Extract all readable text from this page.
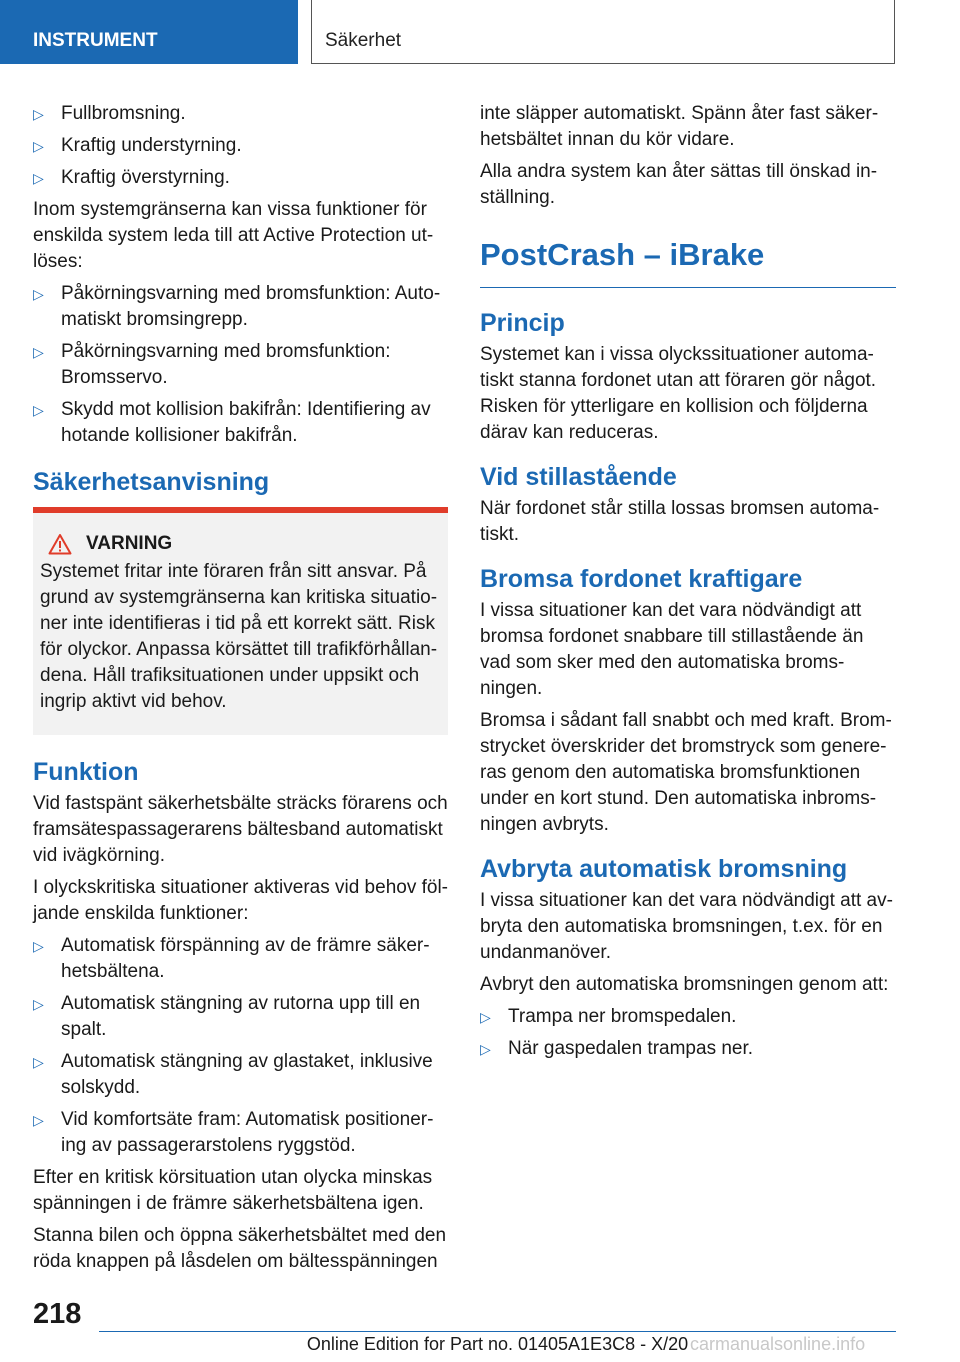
INSTRUMENT	Säkerhet
▷ Fullbromsning.
▷ Kraftig understyrning.
▷ Kraftig överstyrning.

Inom systemgränserna kan vissa funktioner för enskilda system leda till att Active Protection ut-löses:

▷ Påkörningsvarning med bromsfunktion: Auto-matiskt bromsingrepp.
▷ Påkörningsvarning med bromsfunktion: Bromsservo.
▷ Skydd mot kollision bakifrån: Identifiering av hotande kollisioner bakifrån.
Säkerhetsanvisning
VARNING

Systemet fritar inte föraren från sitt ansvar. På grund av systemgränserna kan kritiska situatio-ner inte identifieras i tid på ett korrekt sätt. Risk för olyckor. Anpassa körsättet till trafikförhållan-dena. Håll trafiksituationen under uppsikt och ingrip aktivt vid behov.

Funktion

Vid fastspänt säkerhetsbälte sträcks förarens och framsätespassagerarens bältesband automatiskt vid ivägkörning.

I olyckskritiska situationer aktiveras vid behov föl-jande enskilda funktioner:

▷ Automatisk förspänning av de främre säker-hetsbältena.
▷ Automatisk stängning av rutorna upp till en spalt.
▷ Automatisk stängning av glastaket, inklusive solskydd.
▷ Vid komfortsäte fram: Automatisk positioner-ing av passagerarstolens ryggstöd.

Efter en kritisk körsituation utan olycka minskas spänningen i de främre säkerhetsbältena igen.

Stanna bilen och öppna säkerhetsbältet med den röda knappen på låsdelen om bältesspänningen

inte släpper automatiskt. Spänn åter fast säker-hetsbältet innan du kör vidare.

Alla andra system kan åter sättas till önskad in-ställning.

PostCrash – iBrake
Princip

Systemet kan i vissa olyckssituationer automa-tiskt stanna fordonet utan att föraren gör något. Risken för ytterligare en kollision och följderna därav kan reduceras.

Vid stillastående

När fordonet står stilla lossas bromsen automa-tiskt.

Bromsa fordonet kraftigare

I vissa situationer kan det vara nödvändigt att bromsa fordonet snabbare till stillastående än vad som sker med den automatiska broms-ningen.

Bromsa i sådant fall snabbt och med kraft. Brom-strycket överskrider det bromstryck som genere-ras genom den automatiska bromsfunktionen under en kort stund. Den automatiska inbroms-ningen avbryts.

Avbryta automatisk bromsning

I vissa situationer kan det vara nödvändigt att av-bryta den automatiska bromsningen, t.ex. för en undanmanöver.

Avbryt den automatiska bromsningen genom att:

▷ Trampa ner bromspedalen.
▷ När gaspedalen trampas ner.
218
Online Edition for Part no. 01405A1E3C8 - X/20 carmanualsonline.info
